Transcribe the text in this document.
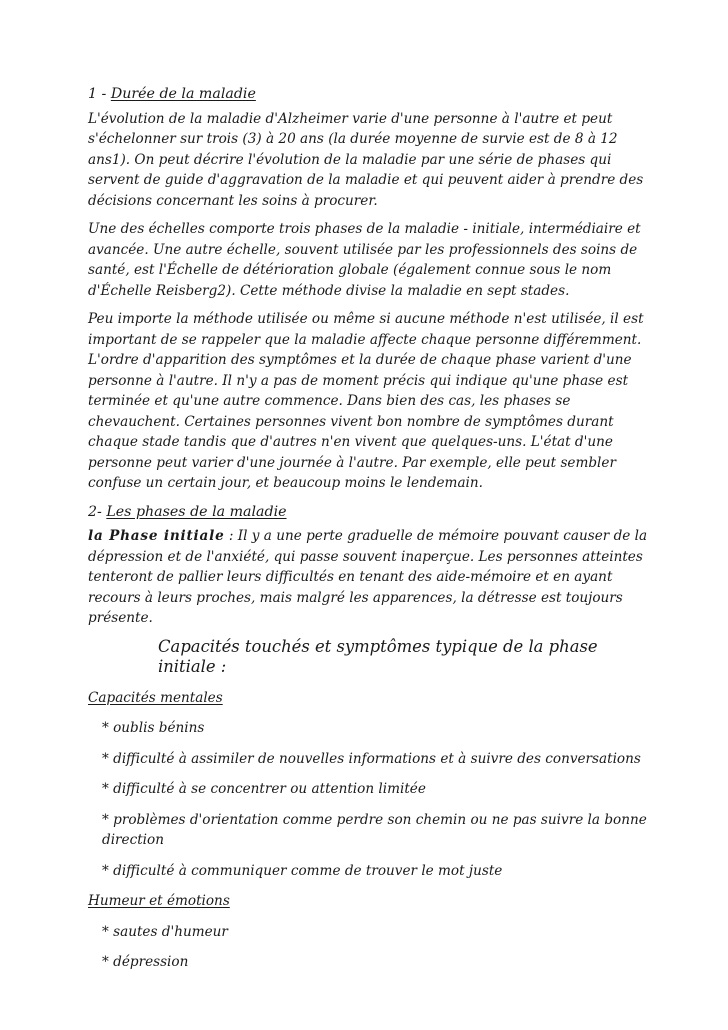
1 - Durée de la maladie

L'évolution de la maladie d'Alzheimer varie d'une personne à l'autre et peut s'échelonner sur trois (3) à 20 ans (la durée moyenne de survie est de 8 à 12 ans1). On peut décrire l'évolution de la maladie par une série de phases qui servent de guide d'aggravation de la maladie et qui peuvent aider à prendre des décisions concernant les soins à procurer.

Une des échelles comporte trois phases de la maladie - initiale, intermédiaire et avancée. Une autre échelle, souvent utilisée par les professionnels des soins de santé, est l'Échelle de détérioration globale (également connue sous le nom d'Échelle Reisberg2). Cette méthode divise la maladie en sept stades.

Peu importe la méthode utilisée ou même si aucune méthode n'est utilisée, il est important de se rappeler que la maladie affecte chaque personne différemment. L'ordre d'apparition des symptômes et la durée de chaque phase varient d'une personne à l'autre. Il n'y a pas de moment précis qui indique qu'une phase est terminée et qu'une autre commence. Dans bien des cas, les phases se chevauchent. Certaines personnes vivent bon nombre de symptômes durant chaque stade tandis que d'autres n'en vivent que quelques-uns. L'état d'une personne peut varier d'une journée à l'autre. Par exemple, elle peut sembler confuse un certain jour, et beaucoup moins le lendemain.

2- Les phases de la maladie

la Phase initiale : Il y a une perte graduelle de mémoire pouvant causer de la dépression et de l'anxiété, qui passe souvent inaperçue. Les personnes atteintes tenteront de pallier leurs difficultés en tenant des aide-mémoire et en ayant recours à leurs proches, mais malgré les apparences, la détresse est toujours présente.

Capacités touchés et symptômes typique de la phase initiale :

Capacités mentales

* oublis bénins

* difficulté à assimiler de nouvelles informations et à suivre des conversations

* difficulté à se concentrer ou attention limitée

* problèmes d'orientation comme perdre son chemin ou ne pas suivre la bonne direction

* difficulté à communiquer comme de trouver le mot juste

Humeur et émotions

* sautes d'humeur

* dépression
